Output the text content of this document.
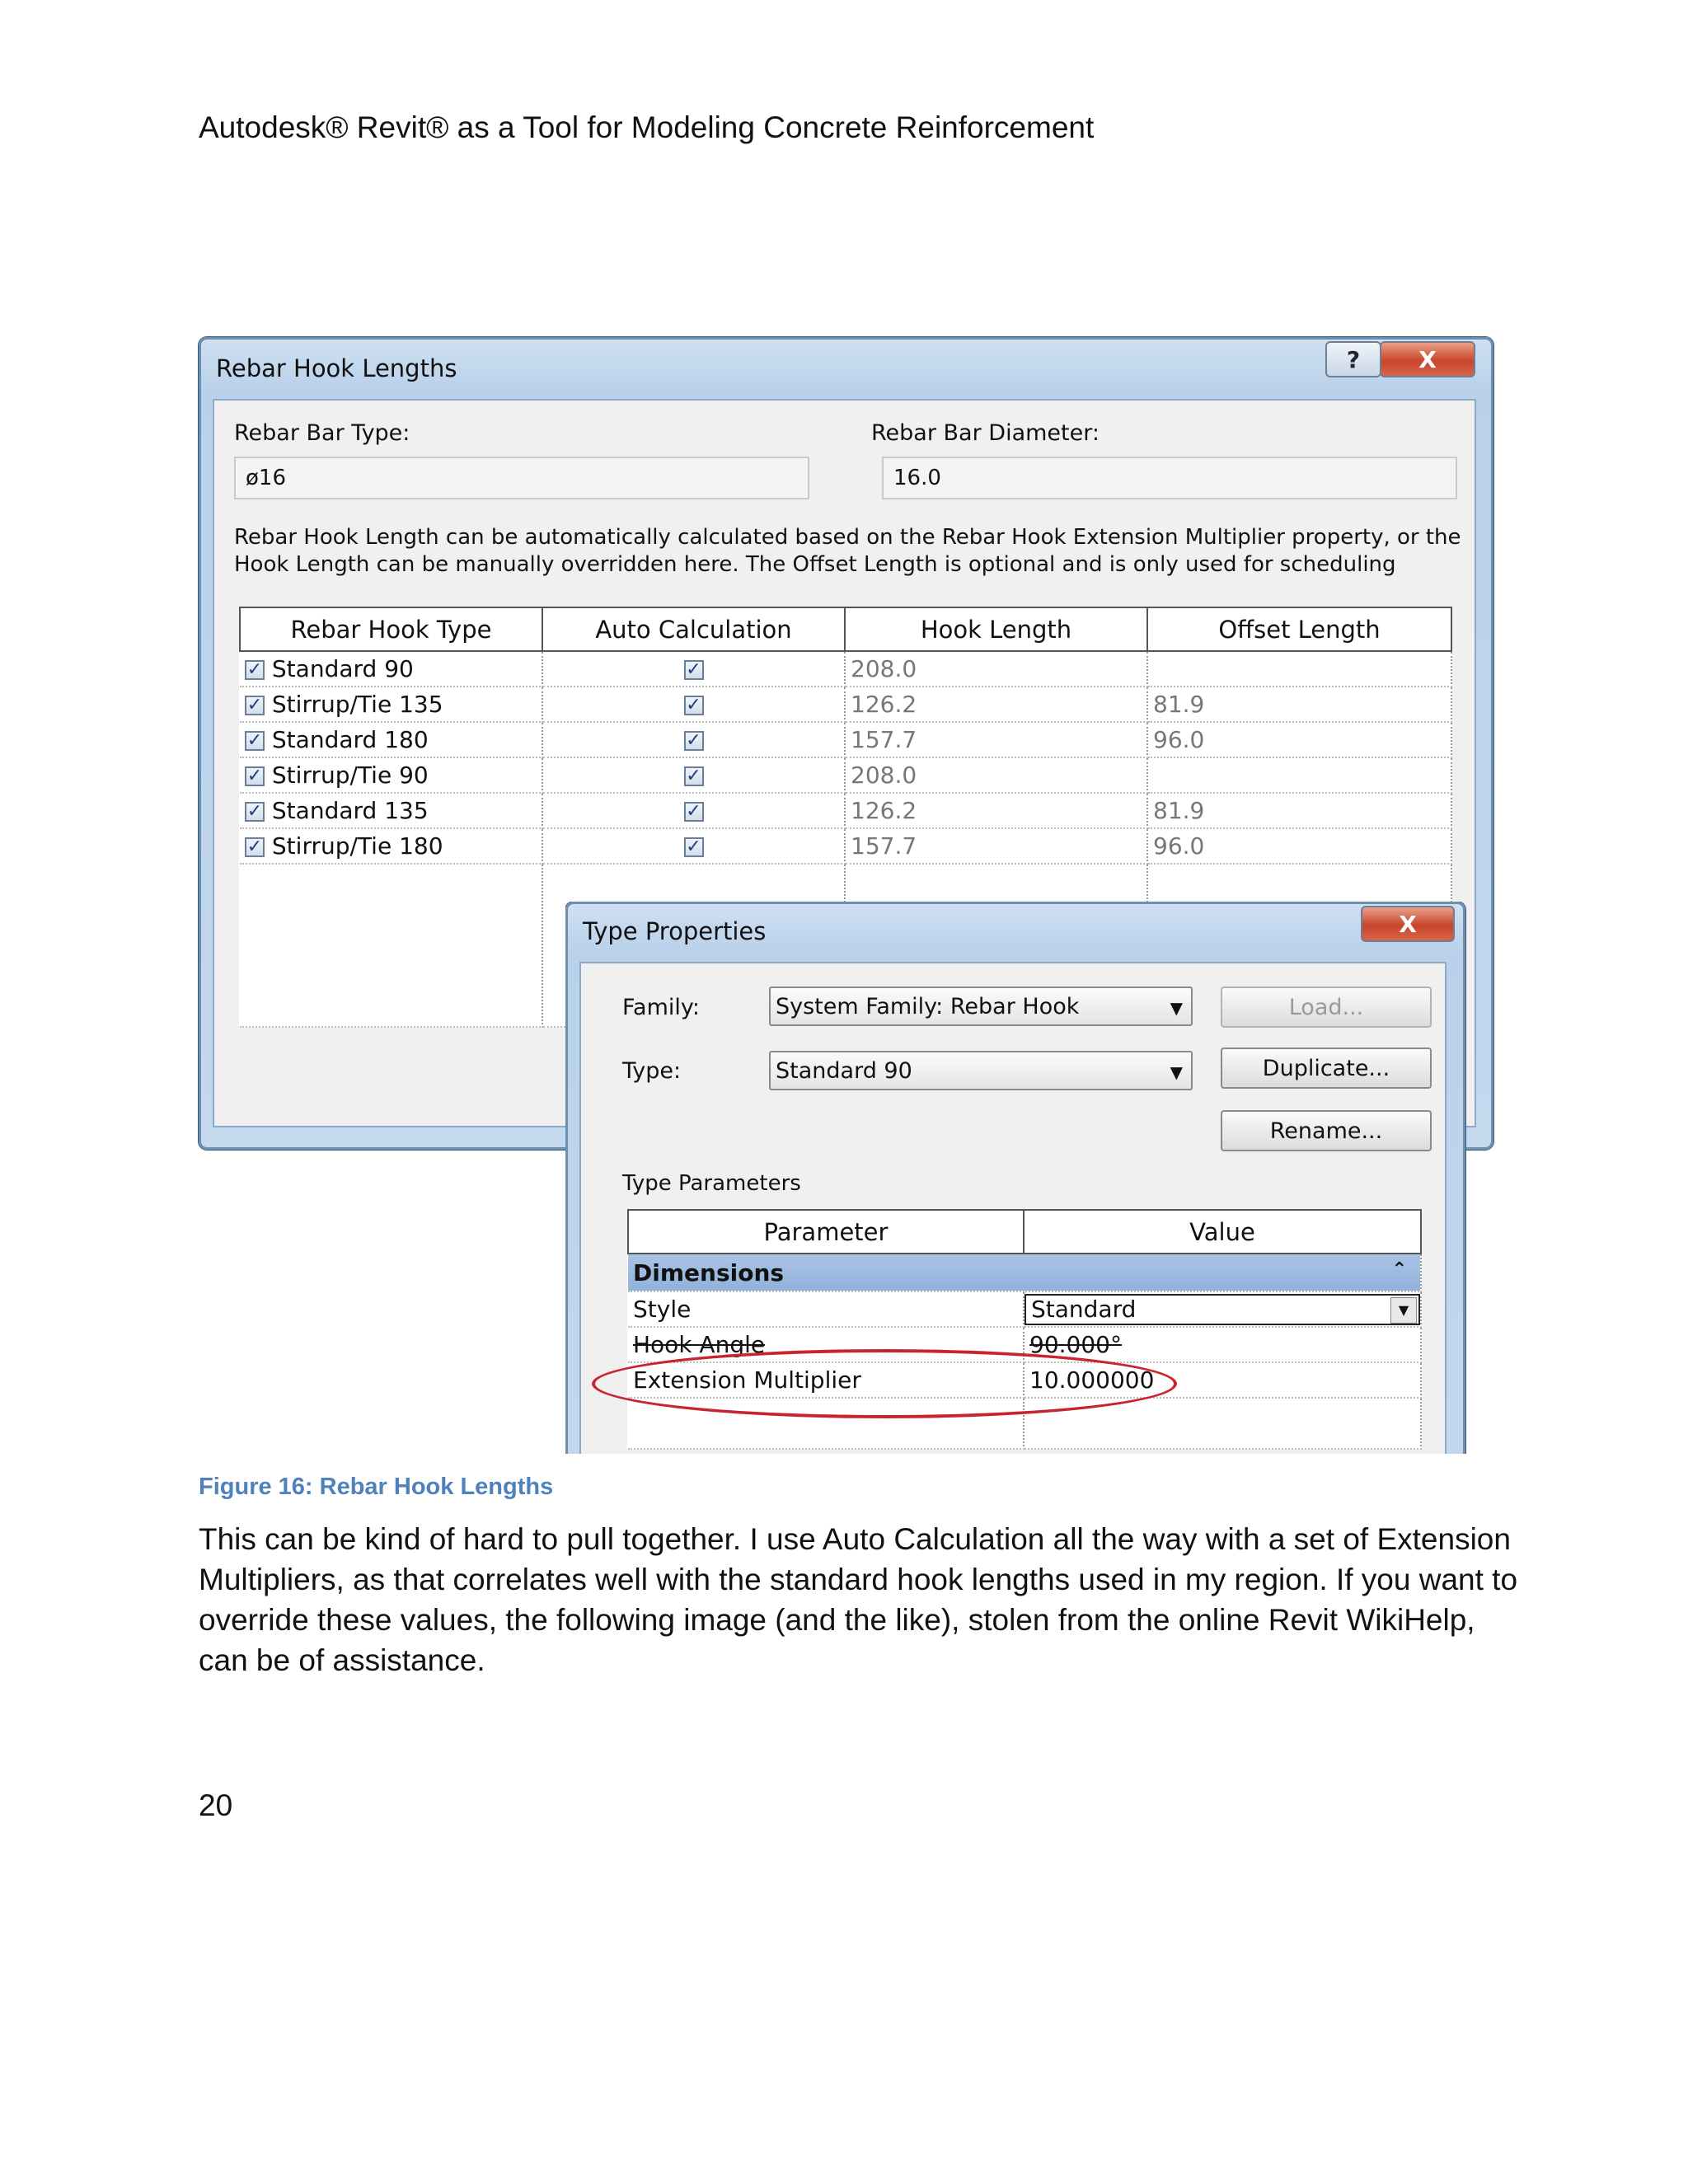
Autodesk® Revit® as a Tool for Modeling Concrete Reinforcement
Rebar Hook Lengths	?	X
Rebar Bar Type:
ø16
Rebar Bar Diameter:
16.0
Rebar Hook Length can be automatically calculated based on the Rebar Hook Extension Multiplier property, or the Hook Length can be manually overridden here. The Offset Length is optional and is only used for scheduling
Rebar Hook Type	Auto Calculation	Hook Length	Offset Length
✓ Standard 90	✓	208.0	
✓ Stirrup/Tie 135	✓	126.2	81.9
✓ Standard 180	✓	157.7	96.0
✓ Stirrup/Tie 90	✓	208.0	
✓ Standard 135	✓	126.2	81.9
✓ Stirrup/Tie 180	✓	157.7	96.0

Type Properties	X
Family:	System Family: Rebar Hook	▼	Load...
Type:	Standard 90	▼	Duplicate...
Rename...
Type Parameters
Parameter	Value
Dimensions ⌃	

Style	Standard ▼

Hook Angle	90.000°
Extension Multiplier	10.000000

Figure 16: Rebar Hook Lengths
This can be kind of hard to pull together. I use Auto Calculation all the way with a set of Extension Multipliers, as that correlates well with the standard hook lengths used in my region. If you want to override these values, the following image (and the like), stolen from the online Revit WikiHelp, can be of assistance.
20
